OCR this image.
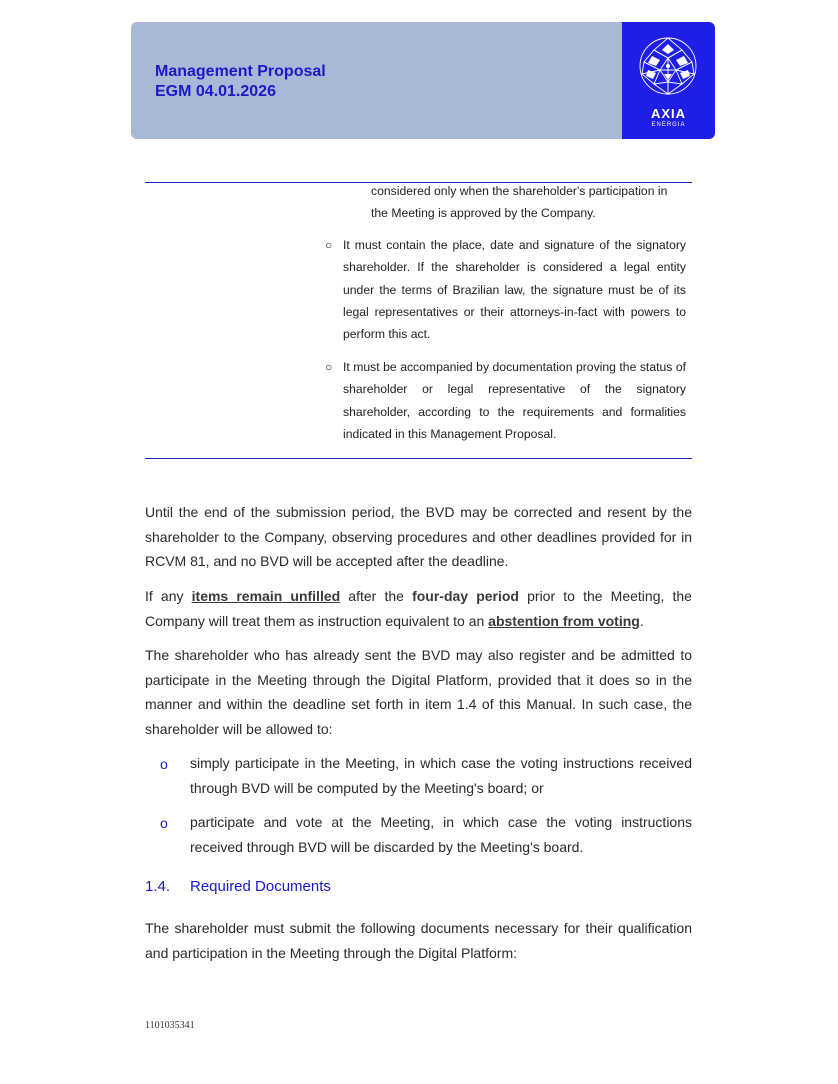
Management Proposal
EGM 04.01.2026
AXIA
ENERGIA

considered only when the shareholder's participation in

the Meeting is approved by the Company.

○ It must contain the place, date and signature of the signatory shareholder. If the shareholder is considered a legal entity under the terms of Brazilian law, the signature must be of its legal representatives or their attorneys-in-fact with powers to perform this act.

○ It must be accompanied by documentation proving the status of shareholder or legal representative of the signatory shareholder, according to the requirements and formalities indicated in this Management Proposal.

Until the end of the submission period, the BVD may be corrected and resent by the shareholder to the Company, observing procedures and other deadlines provided for in RCVM 81, and no BVD will be accepted after the deadline.

If any items remain unfilled after the four-day period prior to the Meeting, the Company will treat them as instruction equivalent to an abstention from voting.

The shareholder who has already sent the BVD may also register and be admitted to participate in the Meeting through the Digital Platform, provided that it does so in the manner and within the deadline set forth in item 1.4 of this Manual. In such case, the shareholder will be allowed to:

o simply participate in the Meeting, in which case the voting instructions received through BVD will be computed by the Meeting's board; or

o participate and vote at the Meeting, in which case the voting instructions received through BVD will be discarded by the Meeting's board.

1.4. Required Documents

The shareholder must submit the following documents necessary for their qualification and participation in the Meeting through the Digital Platform:

1101035341
